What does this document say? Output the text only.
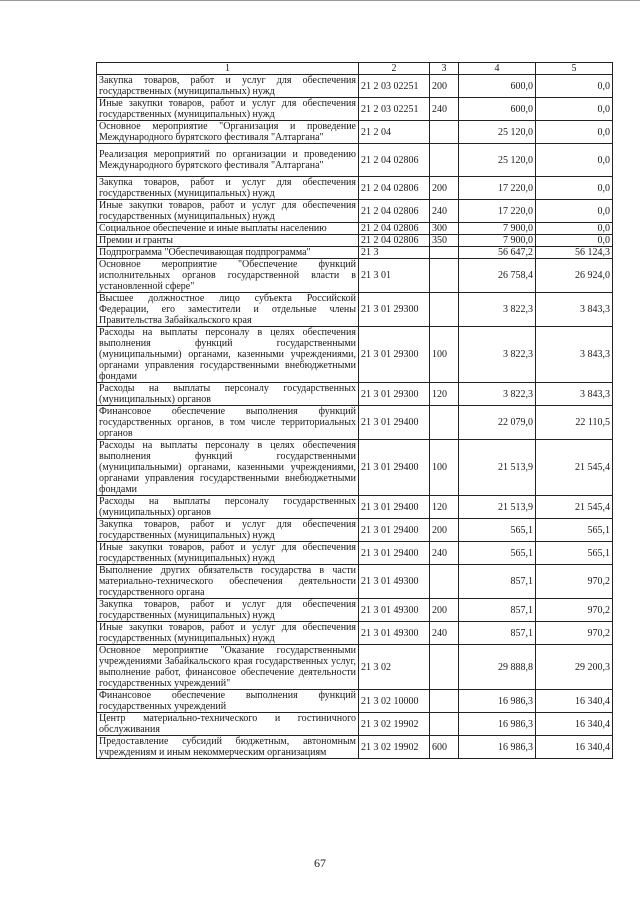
1	2	3	4	5
Закупка товаров, работ и услуг для обеспечения государственных (муниципальных) нужд	21 2 03 02251	200	600,0	0,0
Иные закупки товаров, работ и услуг для обеспечения государственных (муниципальных) нужд	21 2 03 02251	240	600,0	0,0
Основное мероприятие "Организация и проведение Международного бурятского фестиваля "Алтаргана"	21 2 04		25 120,0	0,0
Реализация мероприятий по организации и проведению Международного бурятского фестиваля "Алтаргана"	21 2 04 02806		25 120,0	0,0
Закупка товаров, работ и услуг для обеспечения государственных (муниципальных) нужд	21 2 04 02806	200	17 220,0	0,0
Иные закупки товаров, работ и услуг для обеспечения государственных (муниципальных) нужд	21 2 04 02806	240	17 220,0	0,0
Социальное обеспечение и иные выплаты населению	21 2 04 02806	300	7 900,0	0,0
Премии и гранты	21 2 04 02806	350	7 900,0	0,0
Подпрограмма "Обеспечивающая подпрограмма"	21 3		56 647,2	56 124,3
Основное мероприятие "Обеспечение функций исполнительных органов государственной власти в установленной сфере"	21 3 01		26 758,4	26 924,0
Высшее должностное лицо субъекта Российской Федерации, его заместители и отдельные члены Правительства Забайкальского края	21 3 01 29300		3 822,3	3 843,3
Расходы на выплаты персоналу в целях обеспечения выполнения функций государственными (муниципальными) органами, казенными учреждениями, органами управления государственными внебюджетными фондами	21 3 01 29300	100	3 822,3	3 843,3
Расходы на выплаты персоналу государственных (муниципальных) органов	21 3 01 29300	120	3 822,3	3 843,3
Финансовое обеспечение выполнения функций государственных органов, в том числе территориальных органов	21 3 01 29400		22 079,0	22 110,5
Расходы на выплаты персоналу в целях обеспечения выполнения функций государственными (муниципальными) органами, казенными учреждениями, органами управления государственными внебюджетными фондами	21 3 01 29400	100	21 513,9	21 545,4
Расходы на выплаты персоналу государственных (муниципальных) органов	21 3 01 29400	120	21 513,9	21 545,4
Закупка товаров, работ и услуг для обеспечения государственных (муниципальных) нужд	21 3 01 29400	200	565,1	565,1
Иные закупки товаров, работ и услуг для обеспечения государственных (муниципальных) нужд	21 3 01 29400	240	565,1	565,1
Выполнение других обязательств государства в части материально-технического обеспечения деятельности государственного органа	21 3 01 49300		857,1	970,2
Закупка товаров, работ и услуг для обеспечения государственных (муниципальных) нужд	21 3 01 49300	200	857,1	970,2
Иные закупки товаров, работ и услуг для обеспечения государственных (муниципальных) нужд	21 3 01 49300	240	857,1	970,2
Основное мероприятие "Оказание государственными учреждениями Забайкальского края государственных услуг, выполнение работ, финансовое обеспечение деятельности государственных учреждений"	21 3 02		29 888,8	29 200,3
Финансовое обеспечение выполнения функций государственных учреждений	21 3 02 10000		16 986,3	16 340,4
Центр материально-технического и гостиничного обслуживания	21 3 02 19902		16 986,3	16 340,4
Предоставление субсидий бюджетным, автономным учреждениям и иным некоммерческим организациям	21 3 02 19902	600	16 986,3	16 340,4
67
